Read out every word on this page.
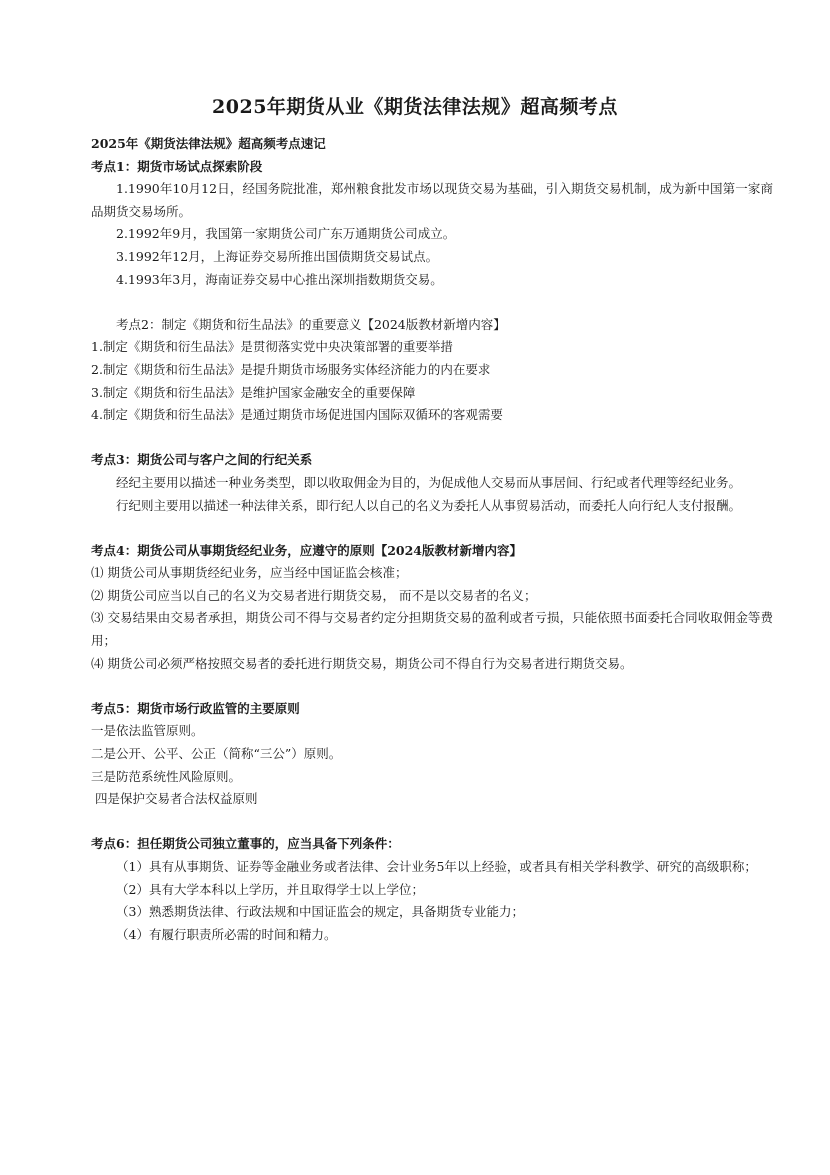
2025年期货从业《期货法律法规》超高频考点
2025年《期货法律法规》超高频考点速记
考点1：期货市场试点探索阶段
1.1990年10月12日，经国务院批准，郑州粮食批发市场以现货交易为基础，引入期货交易机制，成为新中国第一家商品期货交易场所。
2.1992年9月，我国第一家期货公司广东万通期货公司成立。
3.1992年12月，上海证券交易所推出国债期货交易试点。
4.1993年3月，海南证券交易中心推出深圳指数期货交易。
考点2：制定《期货和衍生品法》的重要意义【2024版教材新增内容】
1.制定《期货和衍生品法》是贯彻落实党中央决策部署的重要举措
2.制定《期货和衍生品法》是提升期货市场服务实体经济能力的内在要求
3.制定《期货和衍生品法》是维护国家金融安全的重要保障
4.制定《期货和衍生品法》是通过期货市场促进国内国际双循环的客观需要
考点3：期货公司与客户之间的行纪关系
经纪主要用以描述一种业务类型，即以收取佣金为目的，为促成他人交易而从事居间、行纪或者代理等经纪业务。
行纪则主要用以描述一种法律关系，即行纪人以自己的名义为委托人从事贸易活动，而委托人向行纪人支付报酬。
考点4：期货公司从事期货经纪业务，应遵守的原则【2024版教材新增内容】
⑴ 期货公司从事期货经纪业务，应当经中国证监会核准；
⑵ 期货公司应当以自己的名义为交易者进行期货交易， 而不是以交易者的名义；
⑶ 交易结果由交易者承担，期货公司不得与交易者约定分担期货交易的盈利或者亏损，只能依照书面委托合同收取佣金等费用；
⑷ 期货公司必须严格按照交易者的委托进行期货交易，期货公司不得自行为交易者进行期货交易。
考点5：期货市场行政监管的主要原则
一是依法监管原则。
二是公开、公平、公正（简称“三公”）原则。
三是防范系统性风险原则。
四是保护交易者合法权益原则
考点6：担任期货公司独立董事的，应当具备下列条件：
（1）具有从事期货、证券等金融业务或者法律、会计业务5年以上经验，或者具有相关学科教学、研究的高级职称；
（2）具有大学本科以上学历，并且取得学士以上学位；
（3）熟悉期货法律、行政法规和中国证监会的规定，具备期货专业能力；
（4）有履行职责所必需的时间和精力。
